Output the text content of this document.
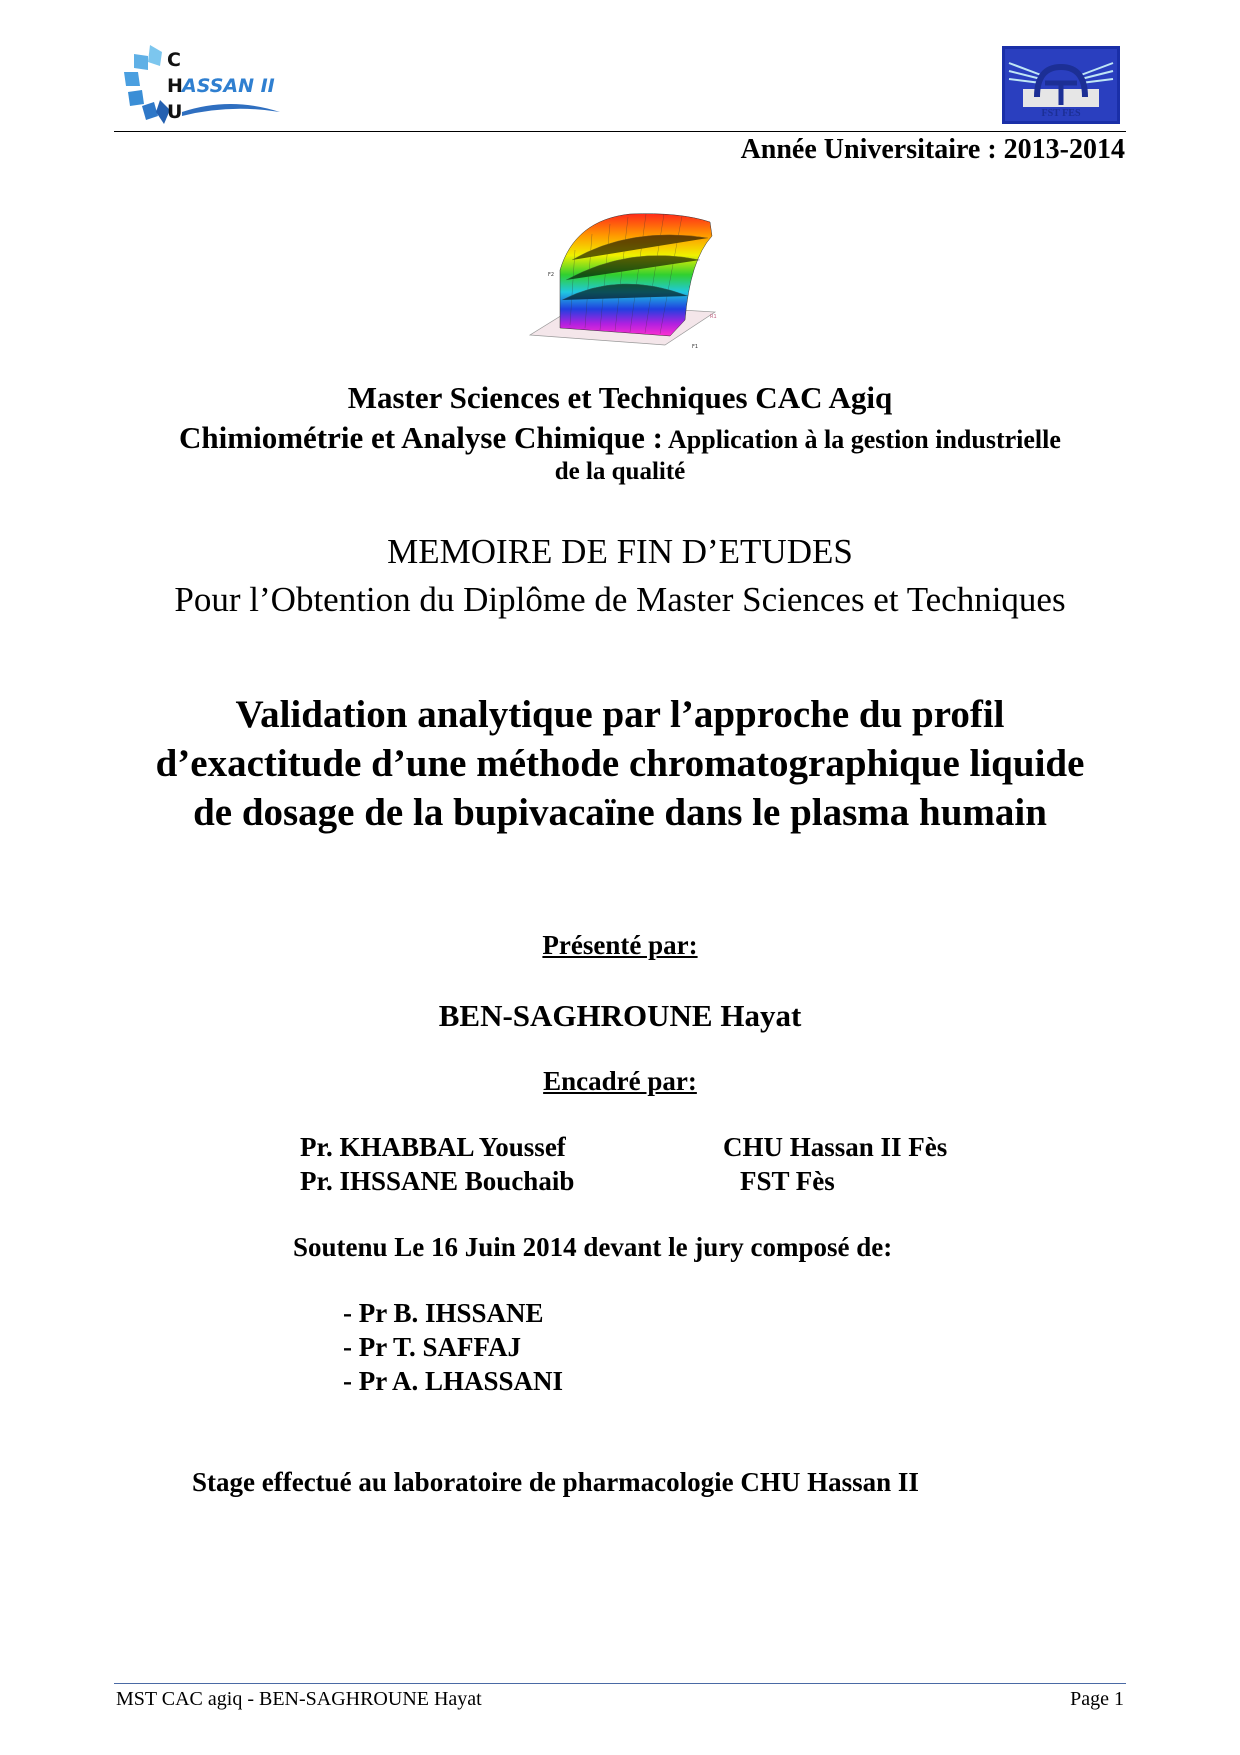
C
H ASSAN II
U	FST FES
Année Universitaire : 2013-2014
F2
F1
R1
Master Sciences et Techniques CAC Agiq
Chimiométrie et Analyse Chimique : Application à la gestion industrielle
de la qualité
MEMOIRE DE FIN D’ETUDES
Pour l’Obtention du Diplôme de Master Sciences et Techniques
Validation analytique par l’approche du profil
d’exactitude d’une méthode chromatographique liquide
de dosage de la bupivacaïne dans le plasma humain
Présenté par:
BEN-SAGHROUNE Hayat
Encadré par:
Pr. KHABBAL Youssef	CHU Hassan II Fès
Pr. IHSSANE Bouchaib	FST Fès
Soutenu Le 16 Juin 2014 devant le jury composé de:
- Pr B. IHSSANE
- Pr T. SAFFAJ
- Pr A. LHASSANI
Stage effectué au laboratoire de pharmacologie CHU Hassan II
MST CAC agiq - BEN-SAGHROUNE Hayat	Page 1
